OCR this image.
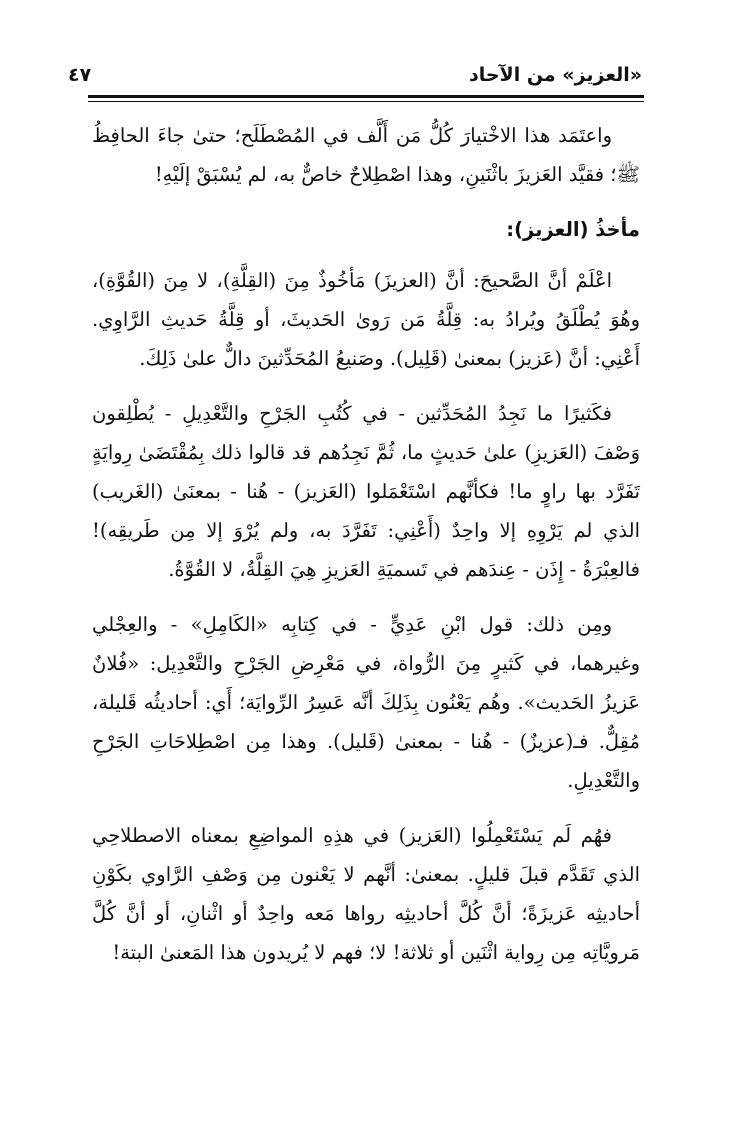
«العزيز» من الآحاد
٤٧

واعتَمَد هذا الاخْتيارَ كُلُّ مَن أَلَّف في المُصْطَلَح؛ حتىٰ جاءَ الحافِظُ ﷺ؛ فقيَّد العَزيزَ باثْنَينِ، وهذا اصْطِلاحٌ خاصٌّ به، لم يُسْبَقْ إلَيْهِ!

مأخذُ (العزيز):

اعْلَمْ أنَّ الصَّحيحَ: أنَّ (العزيزَ) مَأخُوذٌ مِنَ (القِلَّةِ)، لا مِنَ (القُوَّةِ)، وهُوَ يُطْلَقُ ويُرادُ به: قِلَّةُ مَن رَوىٰ الحَديثَ، أو قِلَّةُ حَديثِ الرَّاوِي. أَعْنِي: أنَّ (عَزيز) بمعنىٰ (قَلِيل). وصَنيعُ المُحَدِّثينَ دالٌّ علىٰ ذَلِكَ.

فكَثيرًا ما نَجِدُ المُحَدِّثين - في كُتُبِ الجَرْحِ والتَّعْدِيلِ - يُطْلِقون وَصْفَ (العَزيزِ) علىٰ حَديثٍ ما، ثُمَّ نَجِدُهم قد قالوا ذلك بِمُقْتَضَىٰ رِوايَةٍ تَفَرَّد بها راوٍ ما! فكأنَّهم اسْتَعْمَلوا (العَزيز) - هُنا - بمعنَىٰ (الغَريب) الذي لم يَرْوِهِ إلا واحِدٌ (أَعْنِي: تَفَرَّدَ به، ولم يُرْوَ إلا مِن طَريقِه)! فالعِبْرَةُ - إِذَن - عِندَهم في تَسميَةِ العَزيزِ هِيَ القِلَّةُ، لا القُوَّةُ.

ومِن ذلك: قول ابْنِ عَدِيٍّ - في كِتابِه «الكَامِلِ» - والعِجْلي وغيرهما، في كَثيرٍ مِنَ الرُّواة، في مَعْرِضِ الجَرْحِ والتَّعْدِيل: «فُلانٌ عَزيزُ الحَديث». وهُم يَعْنُون بِذَلِكَ أنَّه عَسِرُ الرِّوايَة؛ أَي: أحاديثُه قَليلة، مُقِلٌّ. فـ(عزيزٌ) - هُنا - بمعنىٰ (قَليل). وهذا مِن اصْطِلاحَاتِ الجَرْحِ والتَّعْدِيلِ.

فهُم لَم يَسْتَعْمِلُوا (العَزيز) في هذِهِ المواضِعِ بمعناه الاصطلاحِي الذي تَقَدَّم قبلَ قليلٍ. بمعنىٰ: أنَّهم لا يَعْنون مِن وَصْفِ الرَّاوي بكَوْنِ أحاديثِه عَزيزَةً؛ أنَّ كُلَّ أحاديثِه رواها مَعه واحِدٌ أو اثْنانِ، أو أنَّ كُلَّ مَرويَّاتِه مِن رِواية اثْنَين أو ثلاثة! لا؛ فهم لا يُريدون هذا المَعنىٰ البتة!
